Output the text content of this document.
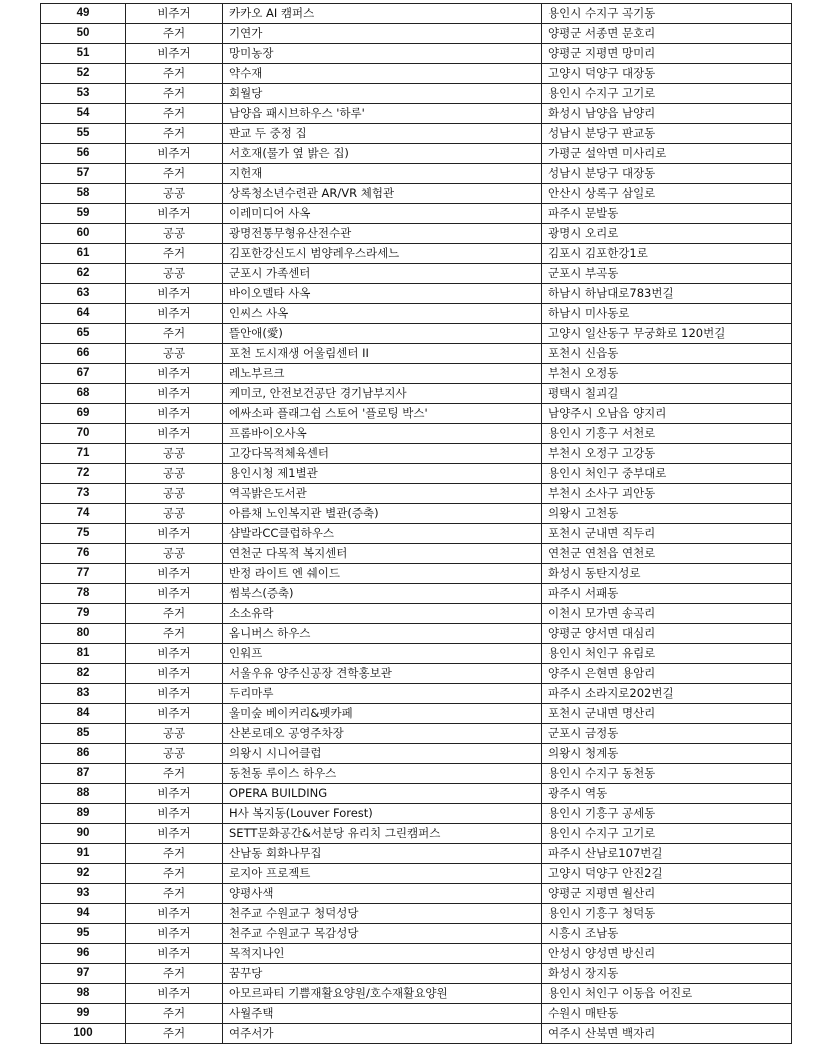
49	비주거	카카오 AI 캠퍼스	용인시 수지구 곡기동
50	주거	기연가	양평군 서종면 문호리
51	비주거	망미농장	양평군 지평면 망미리
52	주거	약수재	고양시 덕양구 대장동
53	주거	회월당	용인시 수지구 고기로
54	주거	남양읍 패시브하우스 '하루'	화성시 남양읍 남양리
55	주거	판교 두 중정 집	성남시 분당구 판교동
56	비주거	서호재(물가 옆 밝은 집)	가평군 설악면 미사리로
57	주거	지헌재	성남시 분당구 대장동
58	공공	상록청소년수련관 AR/VR 체험관	안산시 상록구 삼일로
59	비주거	이레미디어 사옥	파주시 문발동
60	공공	광명전통무형유산전수관	광명시 오리로
61	주거	김포한강신도시 범양레우스라세느	김포시 김포한강1로
62	공공	군포시 가족센터	군포시 부곡동
63	비주거	바이오델타 사옥	하남시 하남대로783번길
64	비주거	인씨스 사옥	하남시 미사동로
65	주거	뜰안애(愛)	고양시 일산동구 무궁화로 120번길
66	공공	포천 도시재생 어울림센터 II	포천시 신읍동
67	비주거	레노부르크	부천시 오정동
68	비주거	케미코, 안전보건공단 경기남부지사	평택시 칠괴길
69	비주거	에싸소파 플래그쉽 스토어 '플로팅 박스'	남양주시 오남읍 양지리
70	비주거	프롬바이오사옥	용인시 기흥구 서천로
71	공공	고강다목적체육센터	부천시 오정구 고강동
72	공공	용인시청 제1별관	용인시 처인구 중부대로
73	공공	역곡밝은도서관	부천시 소사구 괴안동
74	공공	아름채 노인복지관 별관(증축)	의왕시 고천동
75	비주거	샴발라CC클럽하우스	포천시 군내면 직두리
76	공공	연천군 다목적 복지센터	연천군 연천읍 연천로
77	비주거	반정 라이트 엔 쉐이드	화성시 동탄지성로
78	비주거	썸북스(증축)	파주시 서패동
79	주거	소소유락	이천시 모가면 송곡리
80	주거	옴니버스 하우스	양평군 양서면 대심리
81	비주거	인워프	용인시 처인구 유림로
82	비주거	서울우유 양주신공장 견학홍보관	양주시 은현면 용암리
83	비주거	두리마루	파주시 소라지로202번길
84	비주거	울미숲 베이커리&펫카페	포천시 군내면 명산리
85	공공	산본로데오 공영주차장	군포시 금정동
86	공공	의왕시 시니어클럽	의왕시 청계동
87	주거	동천동 루이스 하우스	용인시 수지구 동천동
88	비주거	OPERA BUILDING	광주시 역동
89	비주거	H사 복지동(Louver Forest)	용인시 기흥구 공세동
90	비주거	SETT문화공간&서분당 유리치 그린캠퍼스	용인시 수지구 고기로
91	주거	산남동 회화나무집	파주시 산남로107번길
92	주거	로지아 프로젝트	고양시 덕양구 안진2길
93	주거	양평사색	양평군 지평면 월산리
94	비주거	천주교 수원교구 청덕성당	용인시 기흥구 청덕동
95	비주거	천주교 수원교구 목감성당	시흥시 조남동
96	비주거	목적지나인	안성시 양성면 방신리
97	주거	꿈꾸당	화성시 장지동
98	비주거	아모르파티 기쁨재활요양원/호수재활요양원	용인시 처인구 이동읍 어진로
99	주거	사월주택	수원시 매탄동
100	주거	여주서가	여주시 산북면 백자리
